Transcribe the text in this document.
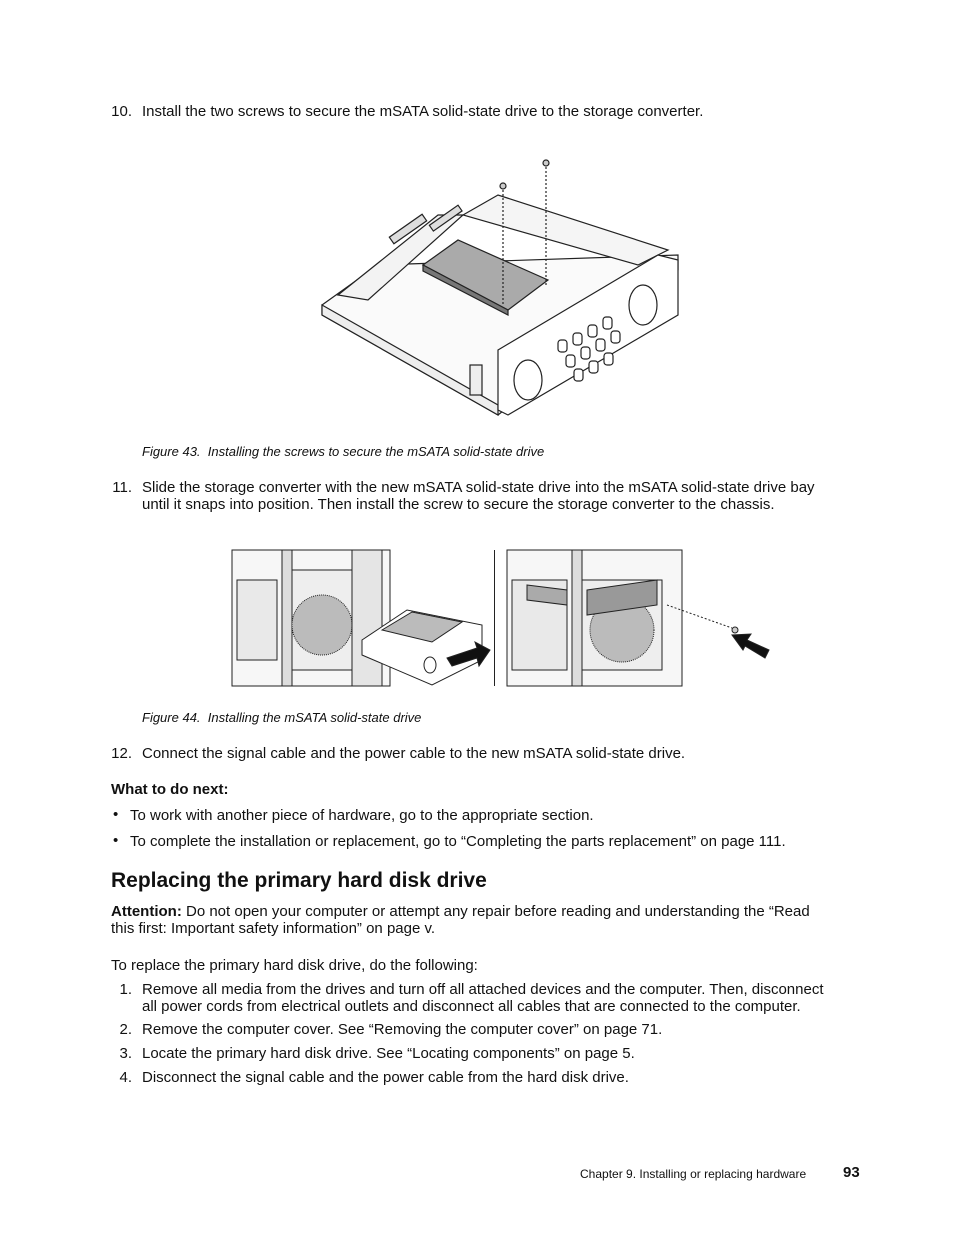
10. Install the two screws to secure the mSATA solid-state drive to the storage converter.
Figure 43. Installing the screws to secure the mSATA solid-state drive
11. Slide the storage converter with the new mSATA solid-state drive into the mSATA solid-state drive bay
until it snaps into position. Then install the screw to secure the storage converter to the chassis.
Figure 44. Installing the mSATA solid-state drive
12. Connect the signal cable and the power cable to the new mSATA solid-state drive.
What to do next:
• To work with another piece of hardware, go to the appropriate section.
• To complete the installation or replacement, go to “Completing the parts replacement” on page 111.
Replacing the primary hard disk drive
Attention: Do not open your computer or attempt any repair before reading and understanding the “Read
this first: Important safety information” on page v.
To replace the primary hard disk drive, do the following:
1. Remove all media from the drives and turn off all attached devices and the computer. Then, disconnect
all power cords from electrical outlets and disconnect all cables that are connected to the computer.
2. Remove the computer cover. See “Removing the computer cover” on page 71.
3. Locate the primary hard disk drive. See “Locating components” on page 5.
4. Disconnect the signal cable and the power cable from the hard disk drive.
Chapter 9. Installing or replacing hardware 93
